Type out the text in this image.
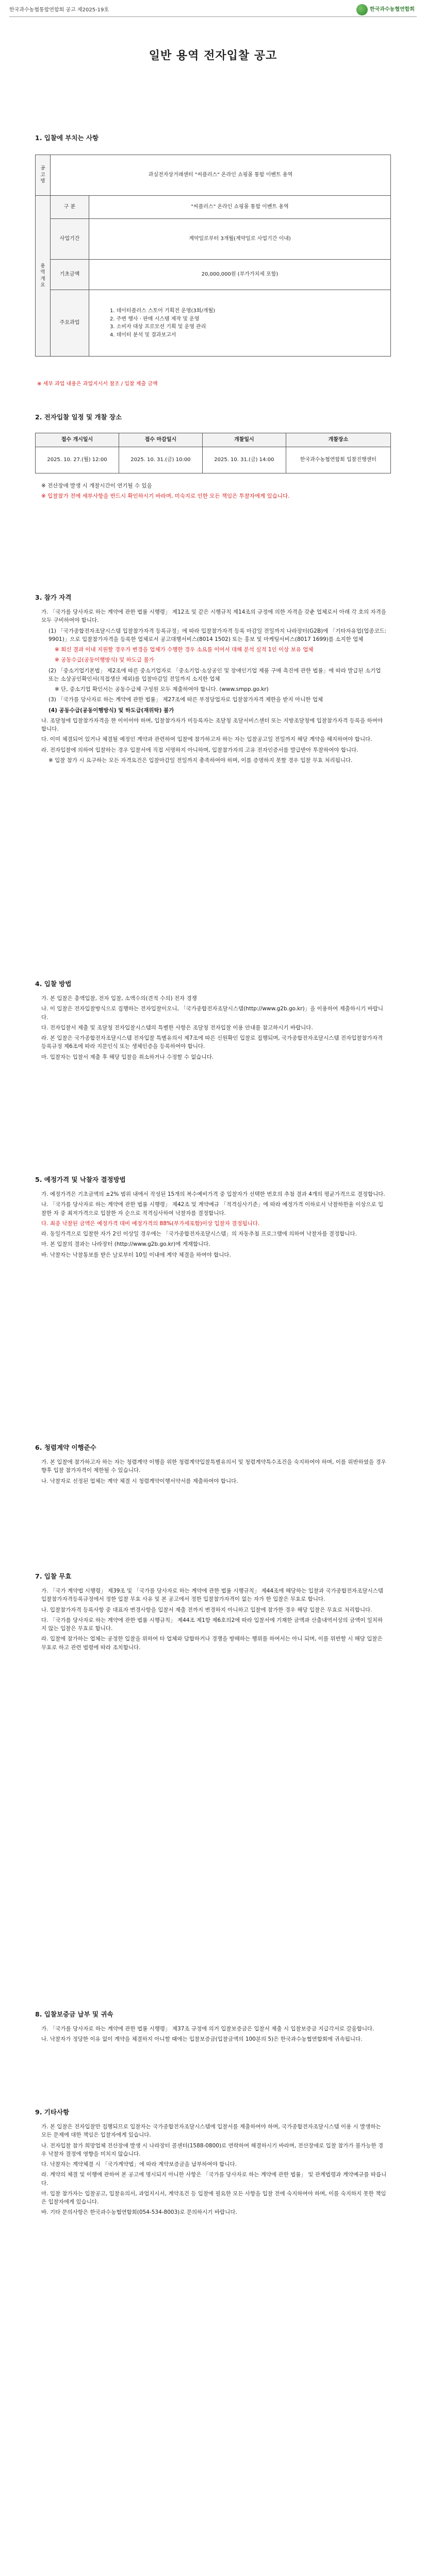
한국과수농협통합연합회 공고 제2025-19호	한국과수농협연합회
일반 용역 전자입찰 공고
1. 입찰에 부치는 사항
공고명	과실전자상거래센터 "씨플러스" 온라인 쇼핑몰 통합 이벤트 용역	
용역개요	구 분	"씨플러스" 온라인 쇼핑몰 통합 이벤트 용역
	사업기간	계약일로부터 3개월(계약일로 사업기간 이내)
	기초금액	20,000,000원 (부가가치세 포함)
	주요과업	1. 데이터플러스 스토어 기획전 운영(3회/개월)
2. 주변 행사 · 판매 시스템 제작 및 운영
3. 소비자 대상 프로모션 기획 및 운영 관리
4. 데이터 분석 및 결과보고서
※ 세부 과업 내용은 과업지시서 참조 / 입찰 제출 금액
2. 전자입찰 일정 및 개찰 장소
접수 개시일시	접수 마감일시	개찰일시	개찰장소
2025. 10. 27.(월) 12:00	2025. 10. 31.(금) 10:00	2025. 10. 31.(금) 14:00	한국과수농협연합회 입찰진행센터

※ 전산장애 발생 시 개찰시간이 연기될 수 있음

※ 입찰참가 전에 세부사항을 반드시 확인하시기 바라며, 미숙지로 인한 모든 책임은 투찰자에게 있습니다.

3. 참가 자격

가. 「국가를 당사자로 하는 계약에 관한 법률 시행령」 제12조 및 같은 시행규칙 제14조의 규정에 의한 자격을 갖춘 업체로서 아래 각 호의 자격을 모두 구비하여야 합니다.

(1) 「국가종합전자조달시스템 입찰참가자격 등록규정」에 따라 입찰참가자격 등록 마감일 전일까지 나라장터(G2B)에 「기타자유업(업종코드: 9901)」으로 입찰참가자격을 등록한 업체로서 공고대행서비스(8014 1502) 또는 홍보 및 마케팅서비스(8017 1699)를 소지한 업체

※ 회신 결과 이내 지원할 경우가 변경을 업체가 수행한 경우 소요를 이어서 대해 분석 실적 1인 이상 보유 업체

※ 공동수급(공동이행방식) 및 하도급 불가

(2) 「중소기업기본법」 제2조에 따른 중소기업자로 「중소기업·소상공인 및 장애인기업 제품 구매 촉진에 관한 법률」에 따라 발급된 소기업 또는 소상공인확인서(직접생산 제외)를 입찰마감일 전일까지 소지한 업체

※ 단, 중소기업 확인서는 공동수급체 구성원 모두 제출하여야 합니다. (www.smpp.go.kr)

(3) 「국가를 당사자로 하는 계약에 관한 법률」 제27조에 따른 부정당업자로 입찰참가자격 제한을 받지 아니한 업체

(4) 공동수급(공동이행방식) 및 하도급(재위탁) 불가

나. 조달청에 입찰참가자격을 한 이이어야 하며, 입찰참가자가 미등록자는 조달청 조달서비스센터 또는 지방조달청에 입찰참가자격 등록을 하여야 합니다.

다. 이미 체결되어 있거나 체결될 예정인 계약과 관련하여 입찰에 참가하고자 하는 자는 입찰공고일 전일까지 해당 계약을 해지하여야 합니다.

라. 전자입찰에 의하여 입찰하는 경우 입찰서에 직접 서명하지 아니하며, 입찰참가자의 고유 전자인증서를 발급받아 투찰하여야 합니다.

※ 입찰 참가 시 요구하는 모든 자격요건은 입찰마감일 전일까지 충족하여야 하며, 이를 증명하지 못할 경우 입찰 무효 처리됩니다.

4. 입찰 방법

가. 본 입찰은 총액입찰, 전자 입찰, 소액수의(견적 수의) 전자 경쟁

나. 이 입찰은 전자입찰방식으로 집행하는 전자입찰이오니, 「국가종합전자조달시스템(http://www.g2b.go.kr)」을 이용하여 제출하시기 바랍니다.

다. 전자입찰서 제출 및 조달청 전자입찰시스템의 특별한 사항은 조달청 전자입찰 이용 안내를 참고하시기 바랍니다.

라. 본 입찰은 국가종합전자조달시스템 전자입찰 특별유의서 제7조에 따른 신원확인 입찰로 집행되며, 국가종합전자조달시스템 전자입찰참가자격등록규정 제6조에 따라 지문인식 또는 생체인증을 등록하여야 합니다.

마. 입찰자는 입찰서 제출 후 해당 입찰을 취소하거나 수정할 수 없습니다.

5. 예정가격 및 낙찰자 결정방법

가. 예정가격은 기초금액의 ±2% 범위 내에서 작성된 15개의 복수예비가격 중 입찰자가 선택한 번호의 추첨 결과 4개의 평균가격으로 결정합니다.

나. 「국가를 당사자로 하는 계약에 관한 법률 시행령」 제42조 및 계약예규 「적격심사기준」에 따라 예정가격 이하로서 낙찰하한율 이상으로 입찰한 자 중 최저가격으로 입찰한 자 순으로 적격심사하여 낙찰자를 결정합니다.

다. 최종 낙찰된 금액은 예정가격 대비 예정가격의 88%(부가세포함)이상 입찰자 결정됩니다.

라. 동일가격으로 입찰한 자가 2인 이상일 경우에는 「국가종합전자조달시스템」의 자동추첨 프로그램에 의하여 낙찰자를 결정합니다.

마. 본 입찰의 결과는 나라장터 (http://www.g2b.go.kr)에 게재합니다.

바. 낙찰자는 낙찰통보를 받은 날로부터 10일 이내에 계약 체결을 하여야 합니다.

6. 청렴계약 이행준수

가. 본 입찰에 참가하고자 하는 자는 청렴계약 이행을 위한 청렴계약입찰특별유의서 및 청렴계약특수조건을 숙지하여야 하며, 이를 위반하였을 경우 향후 입찰 참가자격이 제한될 수 있습니다.

나. 낙찰자로 선정된 업체는 계약 체결 시 청렴계약이행서약서를 제출하여야 합니다.

7. 입찰 무효

가. 「국가 계약법 시행령」 제39조 및 「국가를 당사자로 하는 계약에 관한 법률 시행규칙」 제44조에 해당하는 입찰과 국가종합전자조달시스템 입찰참가자격등록규정에서 정한 입찰 무효 사유 및 본 공고에서 정한 입찰참가자격이 없는 자가 한 입찰은 무효로 합니다.

나. 입찰참가자격 등록사항 중 대표자 변경사항을 입찰서 제출 전까지 변경하지 아니하고 입찰에 참가한 경우 해당 입찰은 무효로 처리합니다.

다. 「국가를 당사자로 하는 계약에 관한 법률 시행규칙」 제44조 제1항 제6호의2에 따라 입찰서에 기재한 금액과 산출내역서상의 금액이 일치하지 않는 입찰은 무효로 합니다.

라. 입찰에 참가하는 업체는 공정한 입찰을 위하여 타 업체와 담합하거나 경쟁을 방해하는 행위를 하여서는 아니 되며, 이를 위반할 시 해당 입찰은 무효로 하고 관련 법령에 따라 조치합니다.

8. 입찰보증금 납부 및 귀속

가. 「국가를 당사자로 하는 계약에 관한 법률 시행령」 제37조 규정에 의거 입찰보증금은 입찰서 제출 시 입찰보증금 지급각서로 갈음합니다.

나. 낙찰자가 정당한 이유 없이 계약을 체결하지 아니할 때에는 입찰보증금(입찰금액의 100분의 5)은 한국과수농협연합회에 귀속됩니다.

9. 기타사항

가. 본 입찰은 전자입찰만 집행되므로 입찰자는 국가종합전자조달시스템에 입찰서를 제출하여야 하며, 국가종합전자조달시스템 이용 시 발생하는 모든 문제에 대한 책임은 입찰자에게 있습니다.

나. 전자입찰 참가 희망업체 전산장애 발생 시 나라장터 콜센터(1588-0800)로 연락하여 해결하시기 바라며, 전산장애로 입찰 참가가 불가능한 경우 낙찰자 결정에 영향을 미치지 않습니다.

다. 낙찰자는 계약체결 시 「국가계약법」에 따라 계약보증금을 납부하여야 합니다.

라. 계약의 체결 및 이행에 관하여 본 공고에 명시되지 아니한 사항은 「국가를 당사자로 하는 계약에 관한 법률」 및 관계법령과 계약예규를 따릅니다.

마. 입찰 참가자는 입찰공고, 입찰유의서, 과업지시서, 계약조건 등 입찰에 필요한 모든 사항을 입찰 전에 숙지하여야 하며, 이를 숙지하지 못한 책임은 입찰자에게 있습니다.

바. 기타 문의사항은 한국과수농협연합회(054-534-8003)로 문의하시기 바랍니다.
